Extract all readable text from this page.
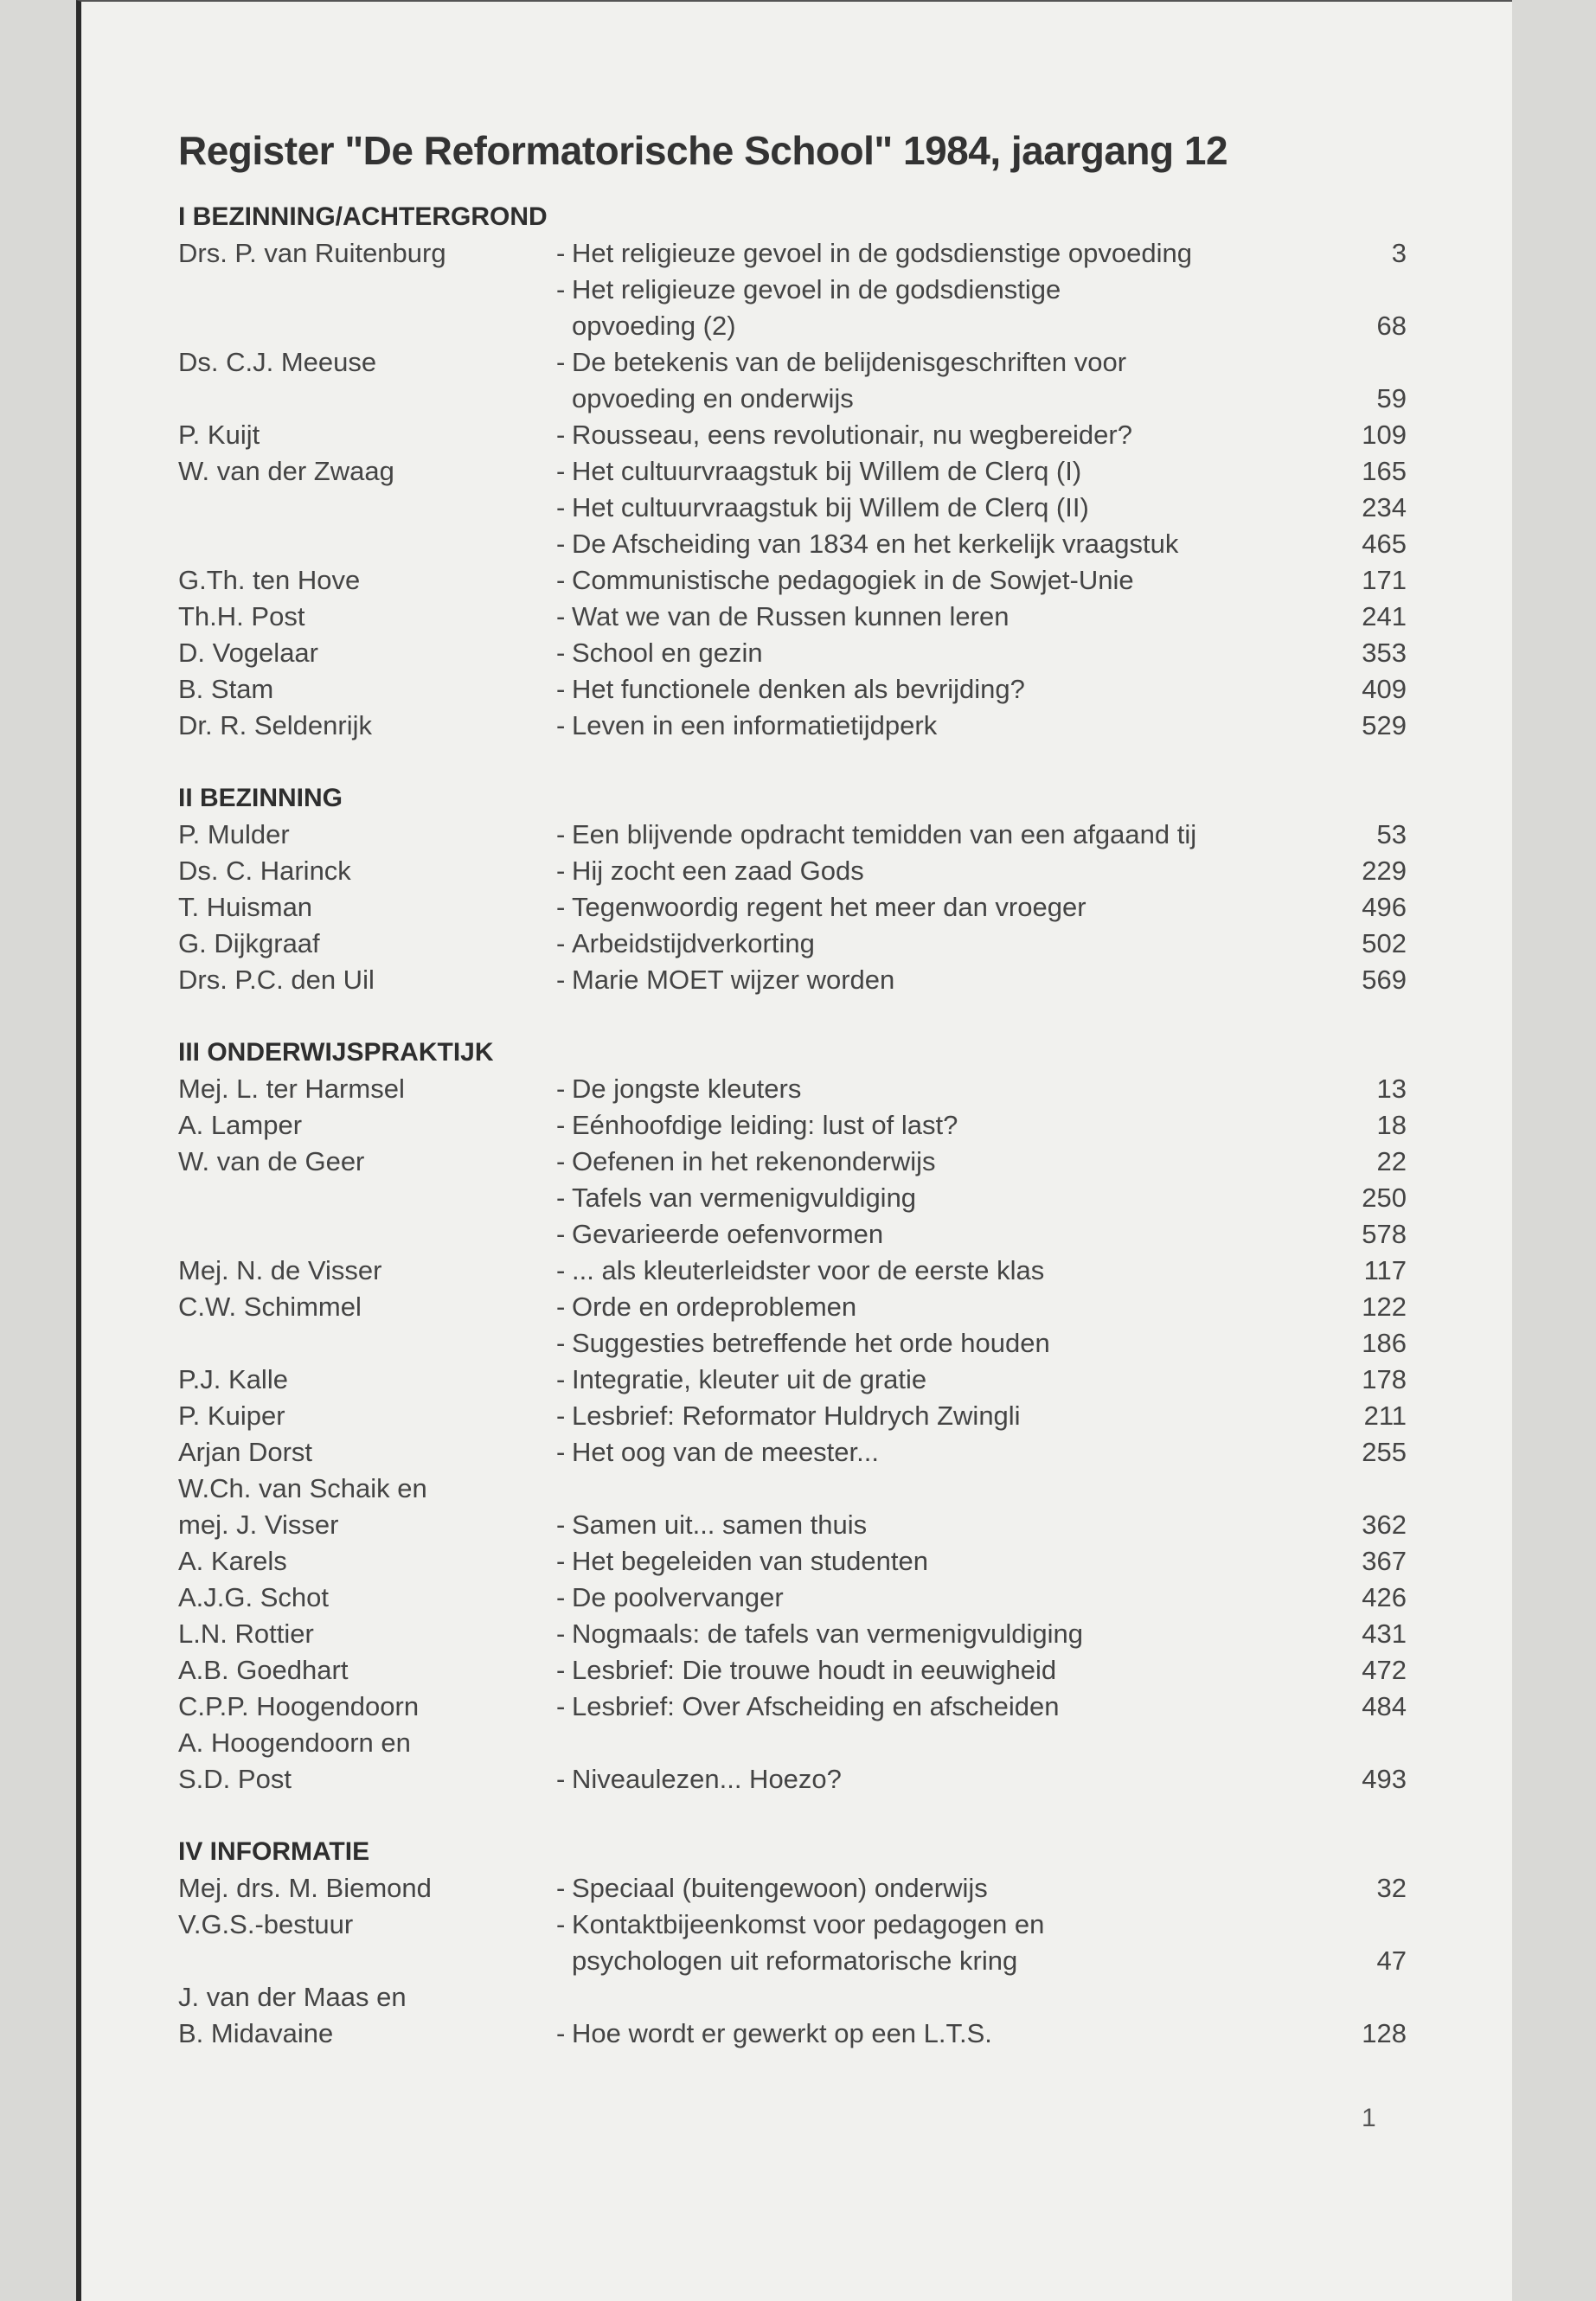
Register "De Reformatorische School" 1984, jaargang 12
I BEZINNING/ACHTERGROND
Drs. P. van Ruitenburg	- Het religieuze gevoel in de godsdienstige opvoeding	3
- Het religieuze gevoel in de godsdienstige
opvoeding (2)	68
Ds. C.J. Meeuse	- De betekenis van de belijdenisgeschriften voor
opvoeding en onderwijs	59
P. Kuijt	- Rousseau, eens revolutionair, nu wegbereider?	109
W. van der Zwaag	- Het cultuurvraagstuk bij Willem de Clerq (I)	165
- Het cultuurvraagstuk bij Willem de Clerq (II)	234
- De Afscheiding van 1834 en het kerkelijk vraagstuk	465
G.Th. ten Hove	- Communistische pedagogiek in de Sowjet-Unie	171
Th.H. Post	- Wat we van de Russen kunnen leren	241
D. Vogelaar	- School en gezin	353
B. Stam	- Het functionele denken als bevrijding?	409
Dr. R. Seldenrijk	- Leven in een informatietijdperk	529
II BEZINNING
P. Mulder	- Een blijvende opdracht temidden van een afgaand tij	53
Ds. C. Harinck	- Hij zocht een zaad Gods	229
T. Huisman	- Tegenwoordig regent het meer dan vroeger	496
G. Dijkgraaf	- Arbeidstijdverkorting	502
Drs. P.C. den Uil	- Marie MOET wijzer worden	569
III ONDERWIJSPRAKTIJK
Mej. L. ter Harmsel	- De jongste kleuters	13
A. Lamper	- Eénhoofdige leiding: lust of last?	18
W. van de Geer	- Oefenen in het rekenonderwijs	22
- Tafels van vermenigvuldiging	250
- Gevarieerde oefenvormen	578
Mej. N. de Visser	- ... als kleuterleidster voor de eerste klas	117
C.W. Schimmel	- Orde en ordeproblemen	122
- Suggesties betreffende het orde houden	186
P.J. Kalle	- Integratie, kleuter uit de gratie	178
P. Kuiper	- Lesbrief: Reformator Huldrych Zwingli	211
Arjan Dorst	- Het oog van de meester...	255
W.Ch. van Schaik en
mej. J. Visser	- Samen uit... samen thuis	362
A. Karels	- Het begeleiden van studenten	367
A.J.G. Schot	- De poolvervanger	426
L.N. Rottier	- Nogmaals: de tafels van vermenigvuldiging	431
A.B. Goedhart	- Lesbrief: Die trouwe houdt in eeuwigheid	472
C.P.P. Hoogendoorn	- Lesbrief: Over Afscheiding en afscheiden	484
A. Hoogendoorn en
S.D. Post	- Niveaulezen... Hoezo?	493
IV INFORMATIE
Mej. drs. M. Biemond	- Speciaal (buitengewoon) onderwijs	32
V.G.S.-bestuur	- Kontaktbijeenkomst voor pedagogen en
psychologen uit reformatorische kring	47
J. van der Maas en
B. Midavaine	- Hoe wordt er gewerkt op een L.T.S.	128
1
